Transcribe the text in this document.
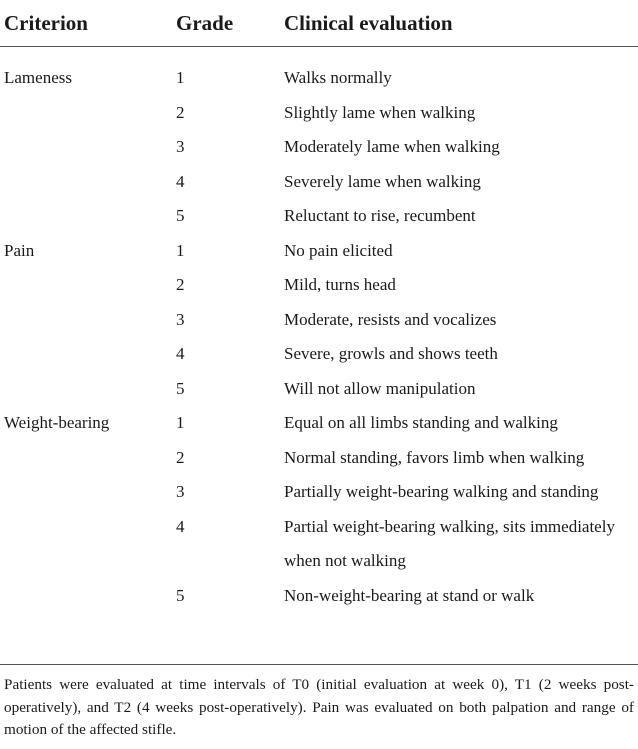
Criterion	Grade	Clinical evaluation
Lameness	1	Walks normally
	2	Slightly lame when walking
	3	Moderately lame when walking
	4	Severely lame when walking
	5	Reluctant to rise, recumbent
Pain	1	No pain elicited
	2	Mild, turns head
	3	Moderate, resists and vocalizes
	4	Severe, growls and shows teeth
	5	Will not allow manipulation
Weight-bearing	1	Equal on all limbs standing and walking
	2	Normal standing, favors limb when walking
	3	Partially weight-bearing walking and standing
	4	Partial weight-bearing walking, sits immediately when not walking
	5	Non-weight-bearing at stand or walk
Patients were evaluated at time intervals of T0 (initial evaluation at week 0), T1 (2 weeks post-operatively), and T2 (4 weeks post-operatively). Pain was evaluated on both palpation and range of motion of the affected stifle.
